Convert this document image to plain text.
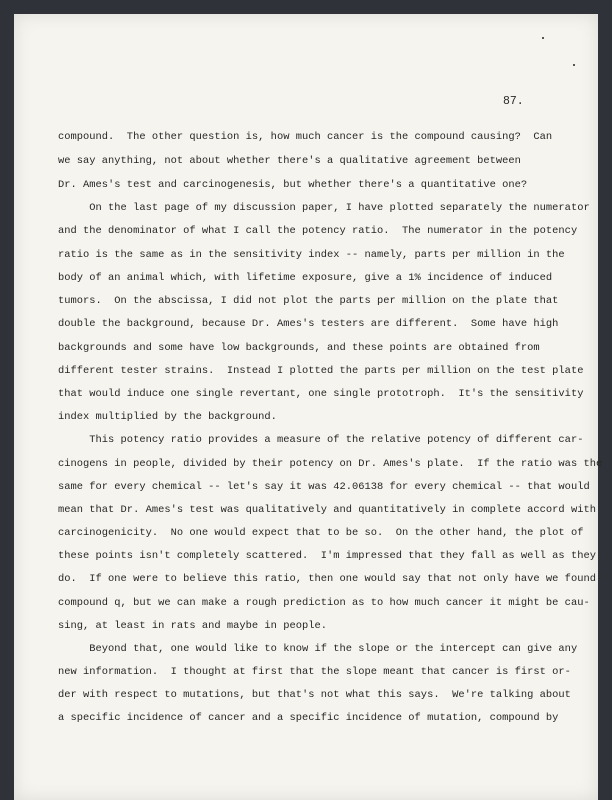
87.
compound.  The other question is, how much cancer is the compound causing?  Can
we say anything, not about whether there's a qualitative agreement between
Dr. Ames's test and carcinogenesis, but whether there's a quantitative one?
On the last page of my discussion paper, I have plotted separately the numerator
and the denominator of what I call the potency ratio.  The numerator in the potency
ratio is the same as in the sensitivity index -- namely, parts per million in the
body of an animal which, with lifetime exposure, give a 1% incidence of induced
tumors.  On the abscissa, I did not plot the parts per million on the plate that
double the background, because Dr. Ames's testers are different.  Some have high
backgrounds and some have low backgrounds, and these points are obtained from
different tester strains.  Instead I plotted the parts per million on the test plate
that would induce one single revertant, one single prototroph.  It's the sensitivity
index multiplied by the background.
This potency ratio provides a measure of the relative potency of different car-
cinogens in people, divided by their potency on Dr. Ames's plate.  If the ratio was the
same for every chemical -- let's say it was 42.06138 for every chemical -- that would
mean that Dr. Ames's test was qualitatively and quantitatively in complete accord with
carcinogenicity.  No one would expect that to be so.  On the other hand, the plot of
these points isn't completely scattered.  I'm impressed that they fall as well as they
do.  If one were to believe this ratio, then one would say that not only have we found
compound q, but we can make a rough prediction as to how much cancer it might be cau-
sing, at least in rats and maybe in people.
Beyond that, one would like to know if the slope or the intercept can give any
new information.  I thought at first that the slope meant that cancer is first or-
der with respect to mutations, but that's not what this says.  We're talking about
a specific incidence of cancer and a specific incidence of mutation, compound by
